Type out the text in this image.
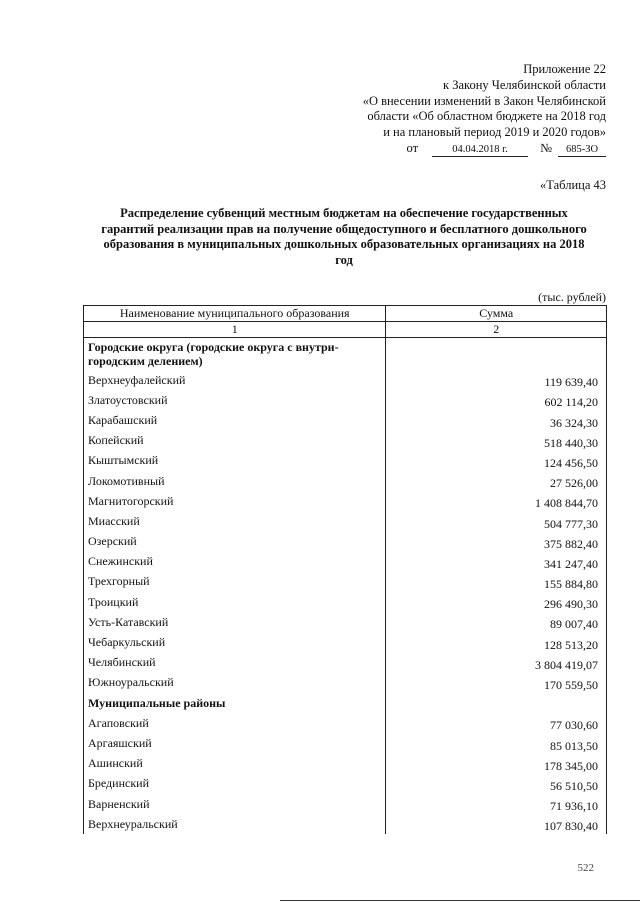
Приложение 22
к Закону Челябинской области
«О внесении изменений в Закон Челябинской
области «Об областном бюджете на 2018 год
и на плановый период 2019 и 2020 годов»
от	04.04.2018 г.	№ 685-ЗО
«Таблица 43
Распределение субвенций местным бюджетам на обеспечение государственных гарантий реализации прав на получение общедоступного и бесплатного дошкольного образования в муниципальных дошкольных образовательных организациях на 2018 год
(тыс. рублей)
Наименование муниципального образования	Сумма
1	2
Городские округа (городские округа с внутри-городским делением)	
Верхнеуфалейский	119 639,40
Златоустовский	602 114,20
Карабашский	36 324,30
Копейский	518 440,30
Кыштымский	124 456,50
Локомотивный	27 526,00
Магнитогорский	1 408 844,70
Миасский	504 777,30
Озерский	375 882,40
Снежинский	341 247,40
Трехгорный	155 884,80
Троицкий	296 490,30
Усть-Катавский	89 007,40
Чебаркульский	128 513,20
Челябинский	3 804 419,07
Южноуральский	170 559,50
Муниципальные районы	
Агаповский	77 030,60
Аргаяшский	85 013,50
Ашинский	178 345,00
Брединский	56 510,50
Варненский	71 936,10
Верхнеуральский	107 830,40
522
